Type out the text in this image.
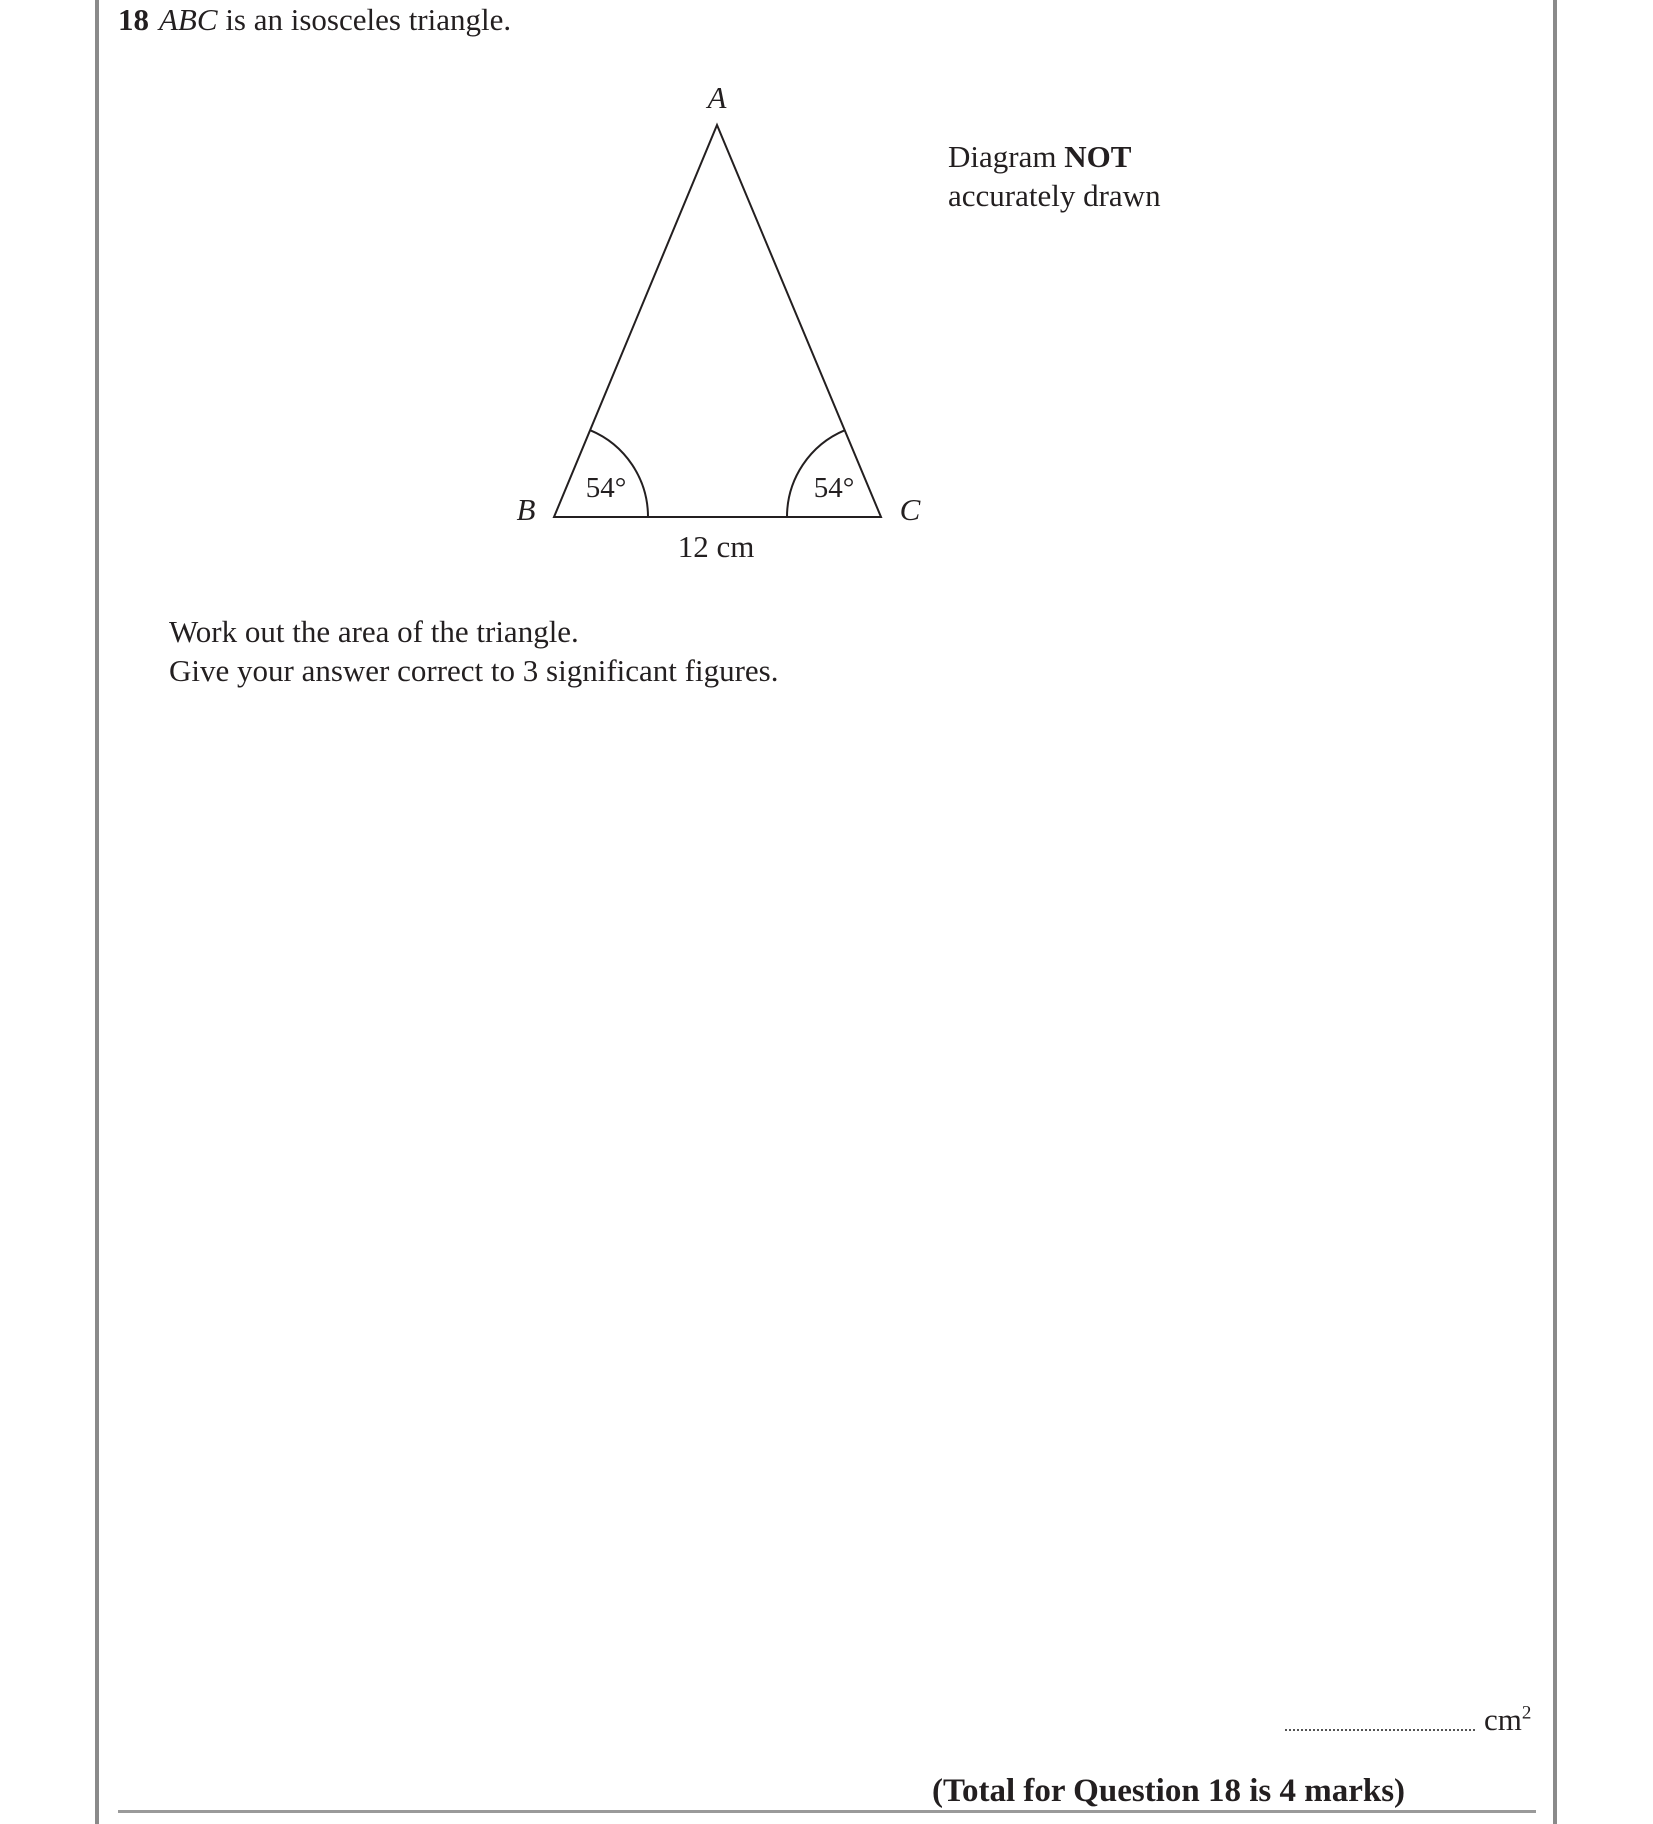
18 ABC is an isosceles triangle.
A
B	C
54°	54°
12 cm
Diagram NOT
accurately drawn
Work out the area of the triangle.
Give your answer correct to 3 significant figures.
$cm^2$
(Total for Question 18 is 4 marks)
